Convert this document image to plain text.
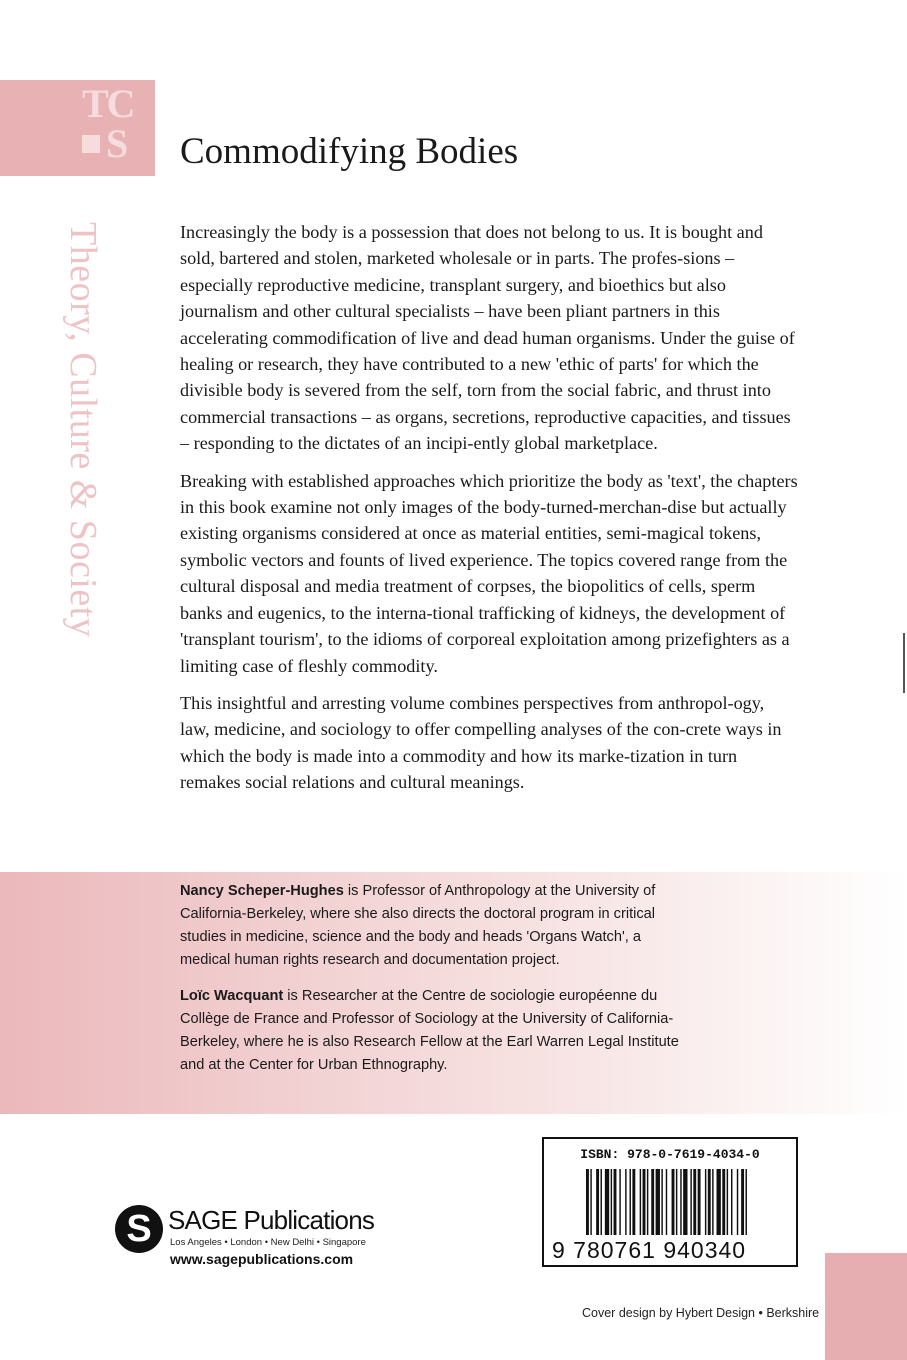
TC
S
Theory, Culture & Society
Commodifying Bodies

Increasingly the body is a possession that does not belong to us. It is bought and sold, bartered and stolen, marketed wholesale or in parts. The profes-sions – especially reproductive medicine, transplant surgery, and bioethics but also journalism and other cultural specialists – have been pliant partners in this accelerating commodification of live and dead human organisms. Under the guise of healing or research, they have contributed to a new 'ethic of parts' for which the divisible body is severed from the self, torn from the social fabric, and thrust into commercial transactions – as organs, secretions, reproductive capacities, and tissues – responding to the dictates of an incipi-ently global marketplace.

Breaking with established approaches which prioritize the body as 'text', the chapters in this book examine not only images of the body-turned-merchan-dise but actually existing organisms considered at once as material entities, semi-magical tokens, symbolic vectors and founts of lived experience. The topics covered range from the cultural disposal and media treatment of corpses, the biopolitics of cells, sperm banks and eugenics, to the interna-tional trafficking of kidneys, the development of 'transplant tourism', to the idioms of corporeal exploitation among prizefighters as a limiting case of fleshly commodity.

This insightful and arresting volume combines perspectives from anthropol-ogy, law, medicine, and sociology to offer compelling analyses of the con-crete ways in which the body is made into a commodity and how its marke-tization in turn remakes social relations and cultural meanings.

Nancy Scheper-Hughes is Professor of Anthropology at the University of California-Berkeley, where she also directs the doctoral program in critical studies in medicine, science and the body and heads 'Organs Watch', a medical human rights research and documentation project.

Loïc Wacquant is Researcher at the Centre de sociologie européenne du Collège de France and Professor of Sociology at the University of California-Berkeley, where he is also Research Fellow at the Earl Warren Legal Institute and at the Center for Urban Ethnography.

S SAGE Publications
Los Angeles • London • New Delhi • Singapore
www.sagepublications.com
ISBN: 978-0-7619-4034-0
9 780761 940340
Cover design by Hybert Design • Berkshire
